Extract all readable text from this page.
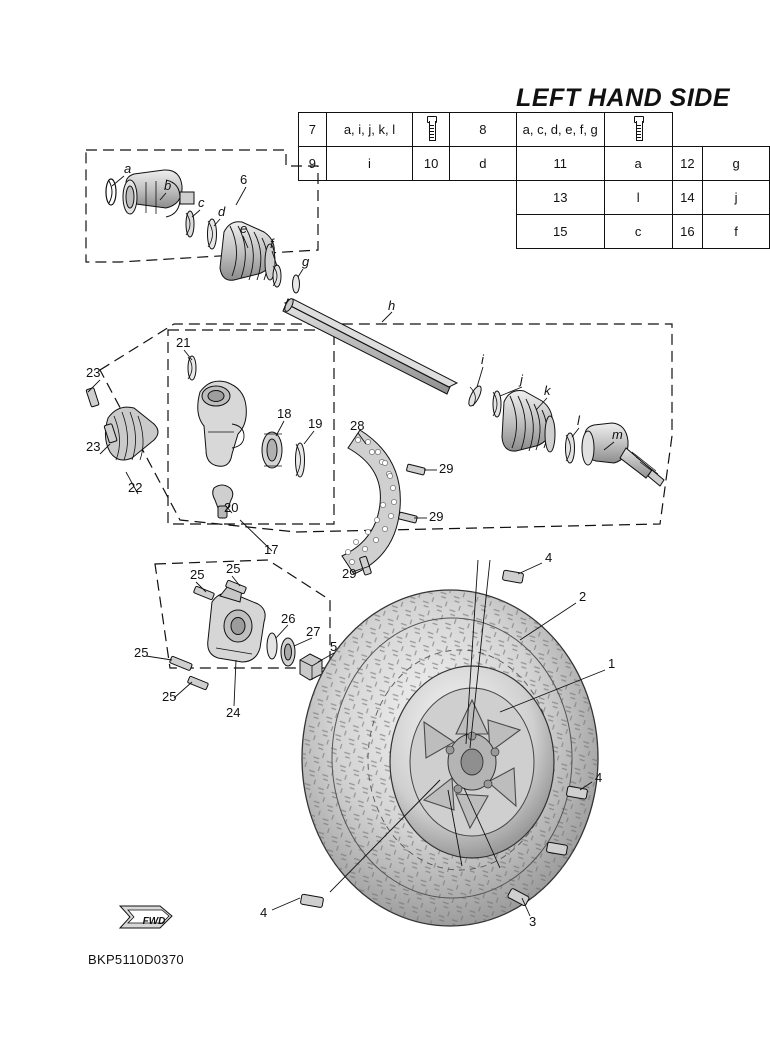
LEFT HAND SIDE
7	a, i, j, k, l		8	a, c, d, e, f, g			

9	i	10	d	11	a	12	g
				13	l	14	j
				15	c	16	f
FWD
a
b
c
d
e
f
g
6
h
i
j
k
l
m
21
23
23
22
18
19 28
20
29
29
29
17
25 25
25
25
26
27
5
24
4
2
1
4
4
3
BKP5110D0370
